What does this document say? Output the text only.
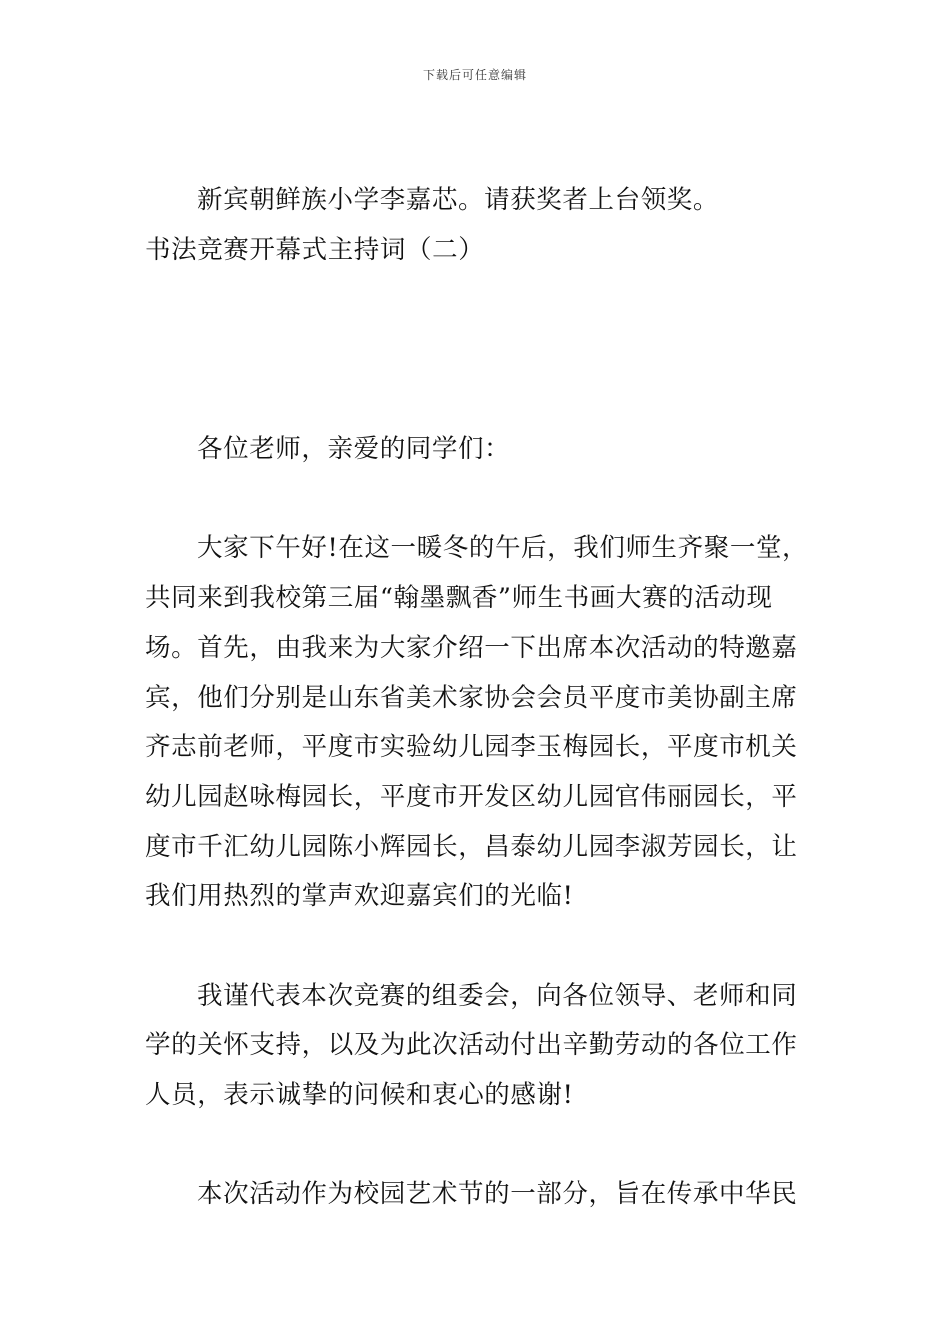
下载后可任意编辑
新宾朝鲜族小学李嘉芯。请获奖者上台领奖。
书法竞赛开幕式主持词（二）
各位老师，亲爱的同学们：
大家下午好!在这一暖冬的午后，我们师生齐聚一堂，
共同来到我校第三届“翰墨飘香”师生书画大赛的活动现
场。首先，由我来为大家介绍一下出席本次活动的特邀嘉
宾，他们分别是山东省美术家协会会员平度市美协副主席
齐志前老师，平度市实验幼儿园李玉梅园长，平度市机关
幼儿园赵咏梅园长，平度市开发区幼儿园官伟丽园长，平
度市千汇幼儿园陈小辉园长，昌泰幼儿园李淑芳园长，让
我们用热烈的掌声欢迎嘉宾们的光临!
我谨代表本次竞赛的组委会，向各位领导、老师和同
学的关怀支持，以及为此次活动付出辛勤劳动的各位工作
人员，表示诚挚的问候和衷心的感谢!
本次活动作为校园艺术节的一部分，旨在传承中华民
